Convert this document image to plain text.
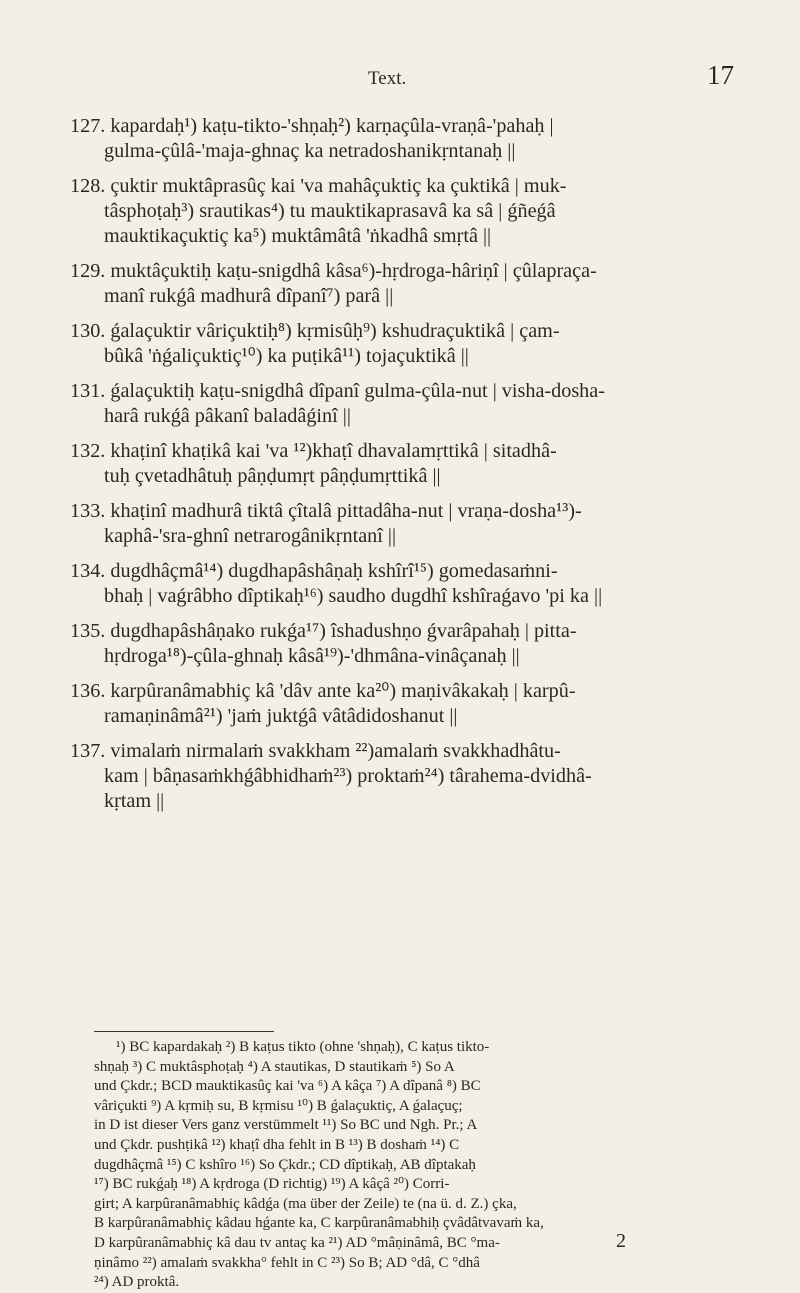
Text.	17
127. kapardaḥ¹) kaṭu-tikto-'shṇaḥ²) karṇaçûla-vraṇâ-'pahaḥ |
gulma-çûlâ-'maja-ghnaç ka netradoshanikṛntanaḥ ||
128. çuktir muktâprasûç kai 'va mahâçuktiç ka çuktikâ | muk-
tâsphoṭaḥ³) srautikas⁴) tu mauktikaprasavâ ka sâ | ǵñeǵâ
mauktikaçuktiç ka⁵) muktâmâtâ 'ṅkadhâ smṛtâ ||
129. muktâçuktiḥ kaṭu-snigdhâ kâsa⁶)-hṛdroga-hâriṇî | çûlapraça-
manî rukǵâ madhurâ dîpanî⁷) parâ ||
130. ǵalaçuktir vâriçuktiḥ⁸) kṛmisûḥ⁹) kshudraçuktikâ | çam-
bûkâ 'ṅǵaliçuktiç¹⁰) ka puṭikâ¹¹) tojaçuktikâ ||
131. ǵalaçuktiḥ kaṭu-snigdhâ dîpanî gulma-çûla-nut | visha-dosha-
harâ rukǵâ pâkanî baladâǵinî ||
132. khaṭinî khaṭikâ kai 'va ¹²)khaṭî dhavalamṛttikâ | sitadhâ-
tuḥ çvetadhâtuḥ pâṇḍumṛt pâṇḍumṛttikâ ||
133. khaṭinî madhurâ tiktâ çîtalâ pittadâha-nut | vraṇa-dosha¹³)-
kaphâ-'sra-ghnî netrarogânikṛntanî ||
134. dugdhâçmâ¹⁴) dugdhapâshâṇaḥ kshîrî¹⁵) gomedasaṁni-
bhaḥ | vaǵrâbho dîptikaḥ¹⁶) saudho dugdhî kshîraǵavo 'pi ka ||
135. dugdhapâshâṇako rukǵa¹⁷) îshadushṇo ǵvarâpahaḥ | pitta-
hṛdroga¹⁸)-çûla-ghnaḥ kâsâ¹⁹)-'dhmâna-vinâçanaḥ ||
136. karpûranâmabhiç kâ 'dâv ante ka²⁰) maṇivâkakaḥ | karpû-
ramaṇinâmâ²¹) 'jaṁ juktǵâ vâtâdidoshanut ||
137. vimalaṁ nirmalaṁ svakkham ²²)amalaṁ svakkhadhâtu-
kam | bâṇasaṁkhǵâbhidhaṁ²³) proktaṁ²⁴) târahema-dvidhâ-
kṛtam ||
¹) BC kapardakaḥ ²) B kaṭus tikto (ohne 'shṇaḥ), C kaṭus tikto-
shṇaḥ ³) C muktâsphoṭaḥ ⁴) A stautikas, D stautikaṁ ⁵) So A
und Çkdr.; BCD mauktikasûç kai 'va ⁶) A kâça ⁷) A dîpanâ ⁸) BC
vâriçukti ⁹) A kṛmiḥ su, B kṛmisu ¹⁰) B ǵalaçuktiç, A ǵalaçuç;
in D ist dieser Vers ganz verstümmelt ¹¹) So BC und Ngh. Pr.; A
und Çkdr. pushṭikâ ¹²) khaṭî dha fehlt in B ¹³) B doshaṁ ¹⁴) C
dugdhâçmâ ¹⁵) C kshîro ¹⁶) So Çkdr.; CD dîptikaḥ, AB dîptakaḥ
¹⁷) BC rukǵaḥ ¹⁸) A kṛdroga (D richtig) ¹⁹) A kâçâ ²⁰) Corri-
girt; A karpûranâmabhiç kâdǵa (ma über der Zeile) te (na ü. d. Z.) çka,
B karpûranâmabhiç kâdau hǵante ka, C karpûranâmabhiḥ çvâdâtvavaṁ ka,
D karpûranâmabhiç kâ dau tv antaç ka ²¹) AD °mâṇinâmâ, BC °ma-
ṇinâmo ²²) amalaṁ svakkha° fehlt in C ²³) So B; AD °dâ, C °dhâ
²⁴) AD proktâ.
2
